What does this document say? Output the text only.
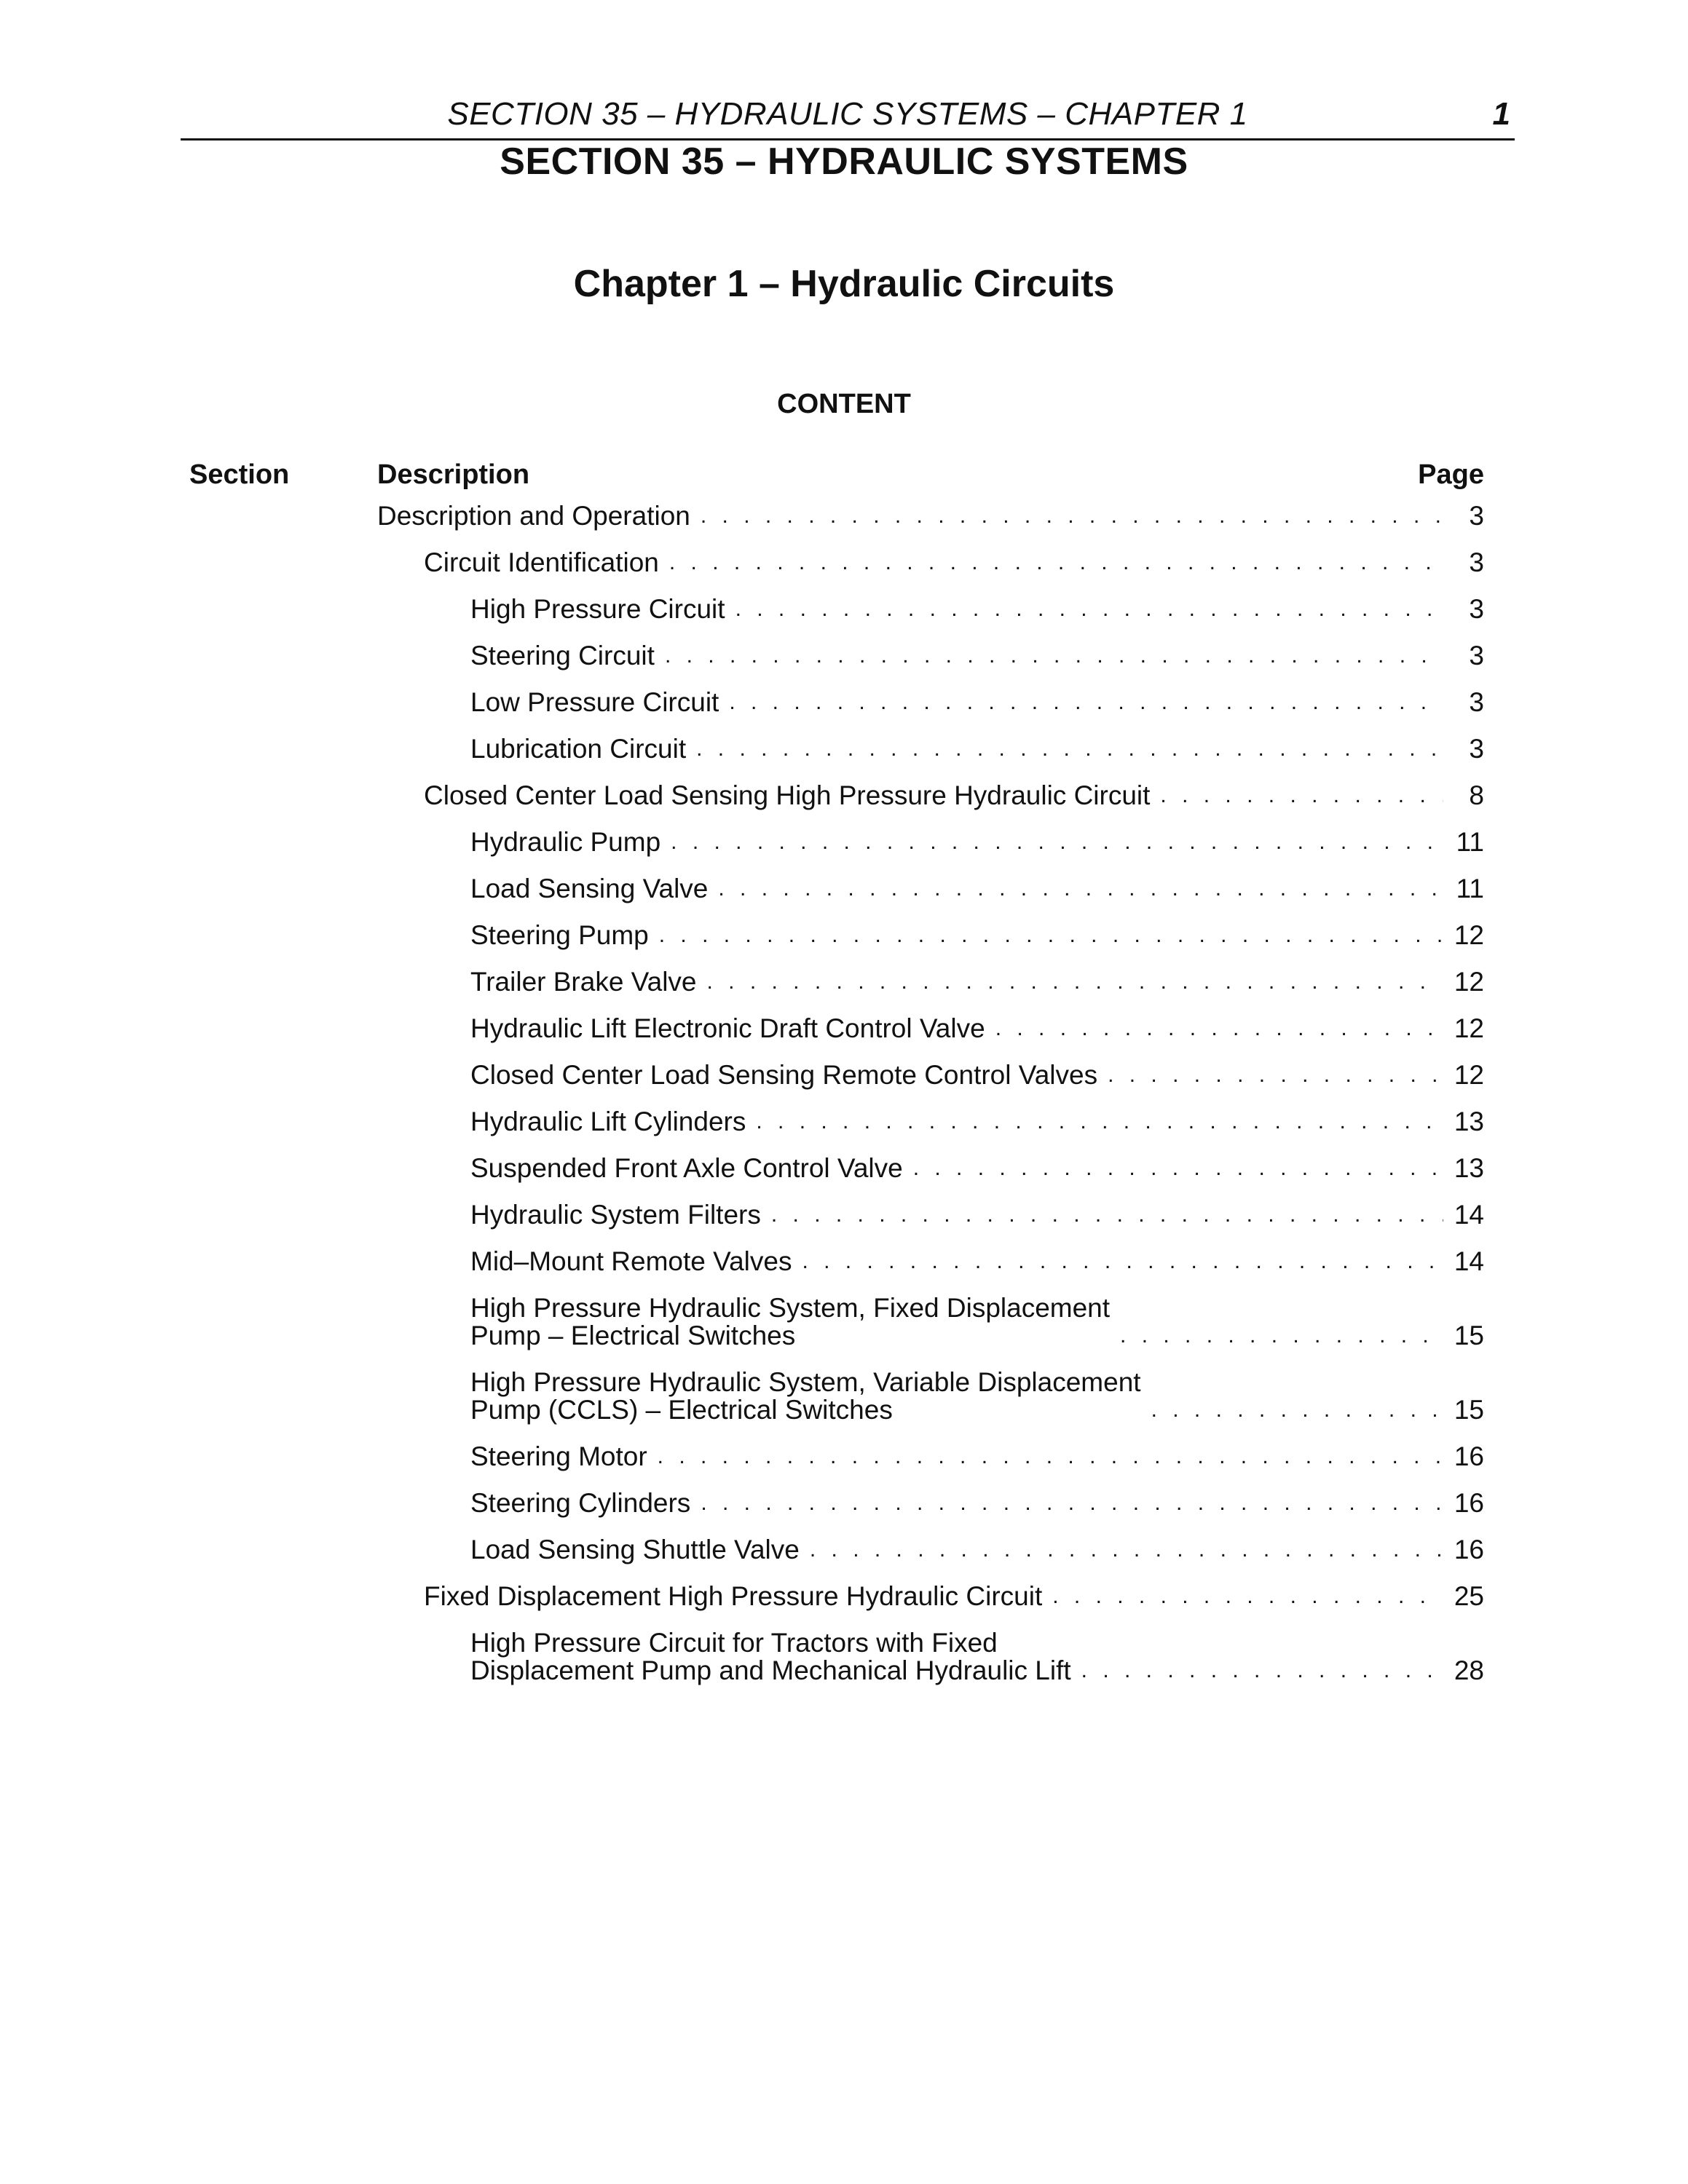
SECTION 35 – HYDRAULIC SYSTEMS – CHAPTER 1	1
SECTION 35 – HYDRAULIC SYSTEMS
Chapter 1 – Hydraulic Circuits
CONTENT
Section	Description	Page
Description and Operation . . .	3
Circuit Identification . . .	3
High Pressure Circuit . . .	3
Steering Circuit . . .	3
Low Pressure Circuit . . .	3
Lubrication Circuit . . .	3
Closed Center Load Sensing High Pressure Hydraulic Circuit . . .	8
Hydraulic Pump . . .	11
Load Sensing Valve . . .	11
Steering Pump . . .	12
Trailer Brake Valve . . .	12
Hydraulic Lift Electronic Draft Control Valve . . .	12
Closed Center Load Sensing Remote Control Valves . . .	12
Hydraulic Lift Cylinders . . .	13
Suspended Front Axle Control Valve . . .	13
Hydraulic System Filters . . .	14
Mid–Mount Remote Valves . . .	14
High Pressure Hydraulic System, Fixed Displacement
Pump – Electrical Switches . . .	15
High Pressure Hydraulic System, Variable Displacement
Pump (CCLS) – Electrical Switches . . .	15
Steering Motor . . .	16
Steering Cylinders . . .	16
Load Sensing Shuttle Valve . . .	16
Fixed Displacement High Pressure Hydraulic Circuit . . .	25
High Pressure Circuit for Tractors with Fixed
Displacement Pump and Mechanical Hydraulic Lift . . .	28
